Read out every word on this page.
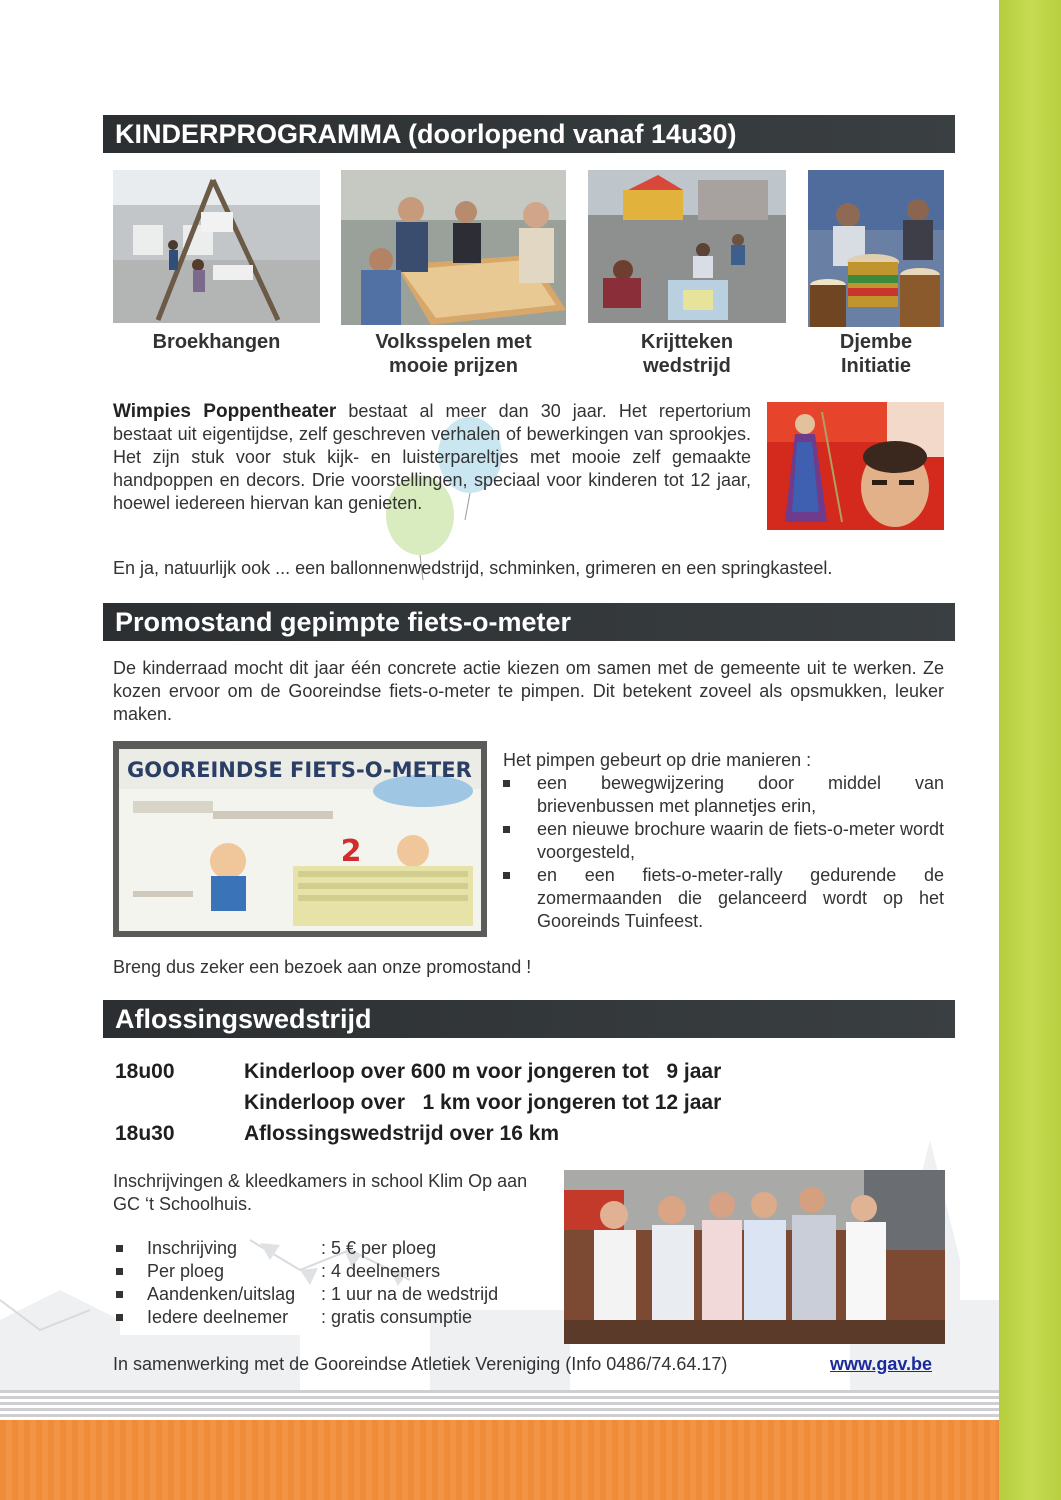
KINDERPROGRAMMA (doorlopend vanaf 14u30)
Broekhangen	Volksspelen met
mooie prijzen
Krijtteken
wedstrijd
Djembe
Initiatie
Wimpies Poppentheater bestaat al meer dan 30 jaar. Het repertorium bestaat uit eigentijdse, zelf geschreven verhalen of bewerkingen van sprookjes. Het zijn stuk voor stuk kijk- en luisterpareltjes met mooie zelf gemaakte handpoppen en decors. Drie voorstellingen, speciaal voor kinderen tot 12 jaar, hoewel iedereen hiervan kan genieten.
En ja, natuurlijk ook ... een ballonnenwedstrijd, schminken, grimeren en een springkasteel.
Promostand gepimpte fiets-o-meter
De kinderraad mocht dit jaar één concrete actie kiezen om samen met de gemeente uit te werken. Ze kozen ervoor om de Gooreindse fiets-o-meter te pimpen. Dit betekent zoveel als opsmukken, leuker maken.
2
GOOREINDSE FIETS-O-METER Het pimpen gebeurt op drie manieren :
een bewegwijzering door middel van brievenbussen met plannetjes erin,
een nieuwe brochure waarin de fiets-o-meter wordt voorgesteld,
en een fiets-o-meter-rally gedurende de zomermaanden die gelanceerd wordt op het Gooreinds Tuinfeest.
Breng dus zeker een bezoek aan onze promostand !
Aflossingswedstrijd
18u00	Kinderloop over 600 m voor jongeren tot   9 jaar
Kinderloop over   1 km voor jongeren tot 12 jaar
18u30	Aflossingswedstrijd over 16 km
Inschrijvingen & kleedkamers in school Klim Op aan GC ‘t Schoolhuis.
Inschrijving	: 5 € per ploeg
Per ploeg	: 4 deelnemers
Aandenken/uitslag : 1 uur na de wedstrijd
Iedere deelnemer : gratis consumptie
In samenwerking met de Gooreindse Atletiek Vereniging (Info 0486/74.64.17)	www.gav.be
